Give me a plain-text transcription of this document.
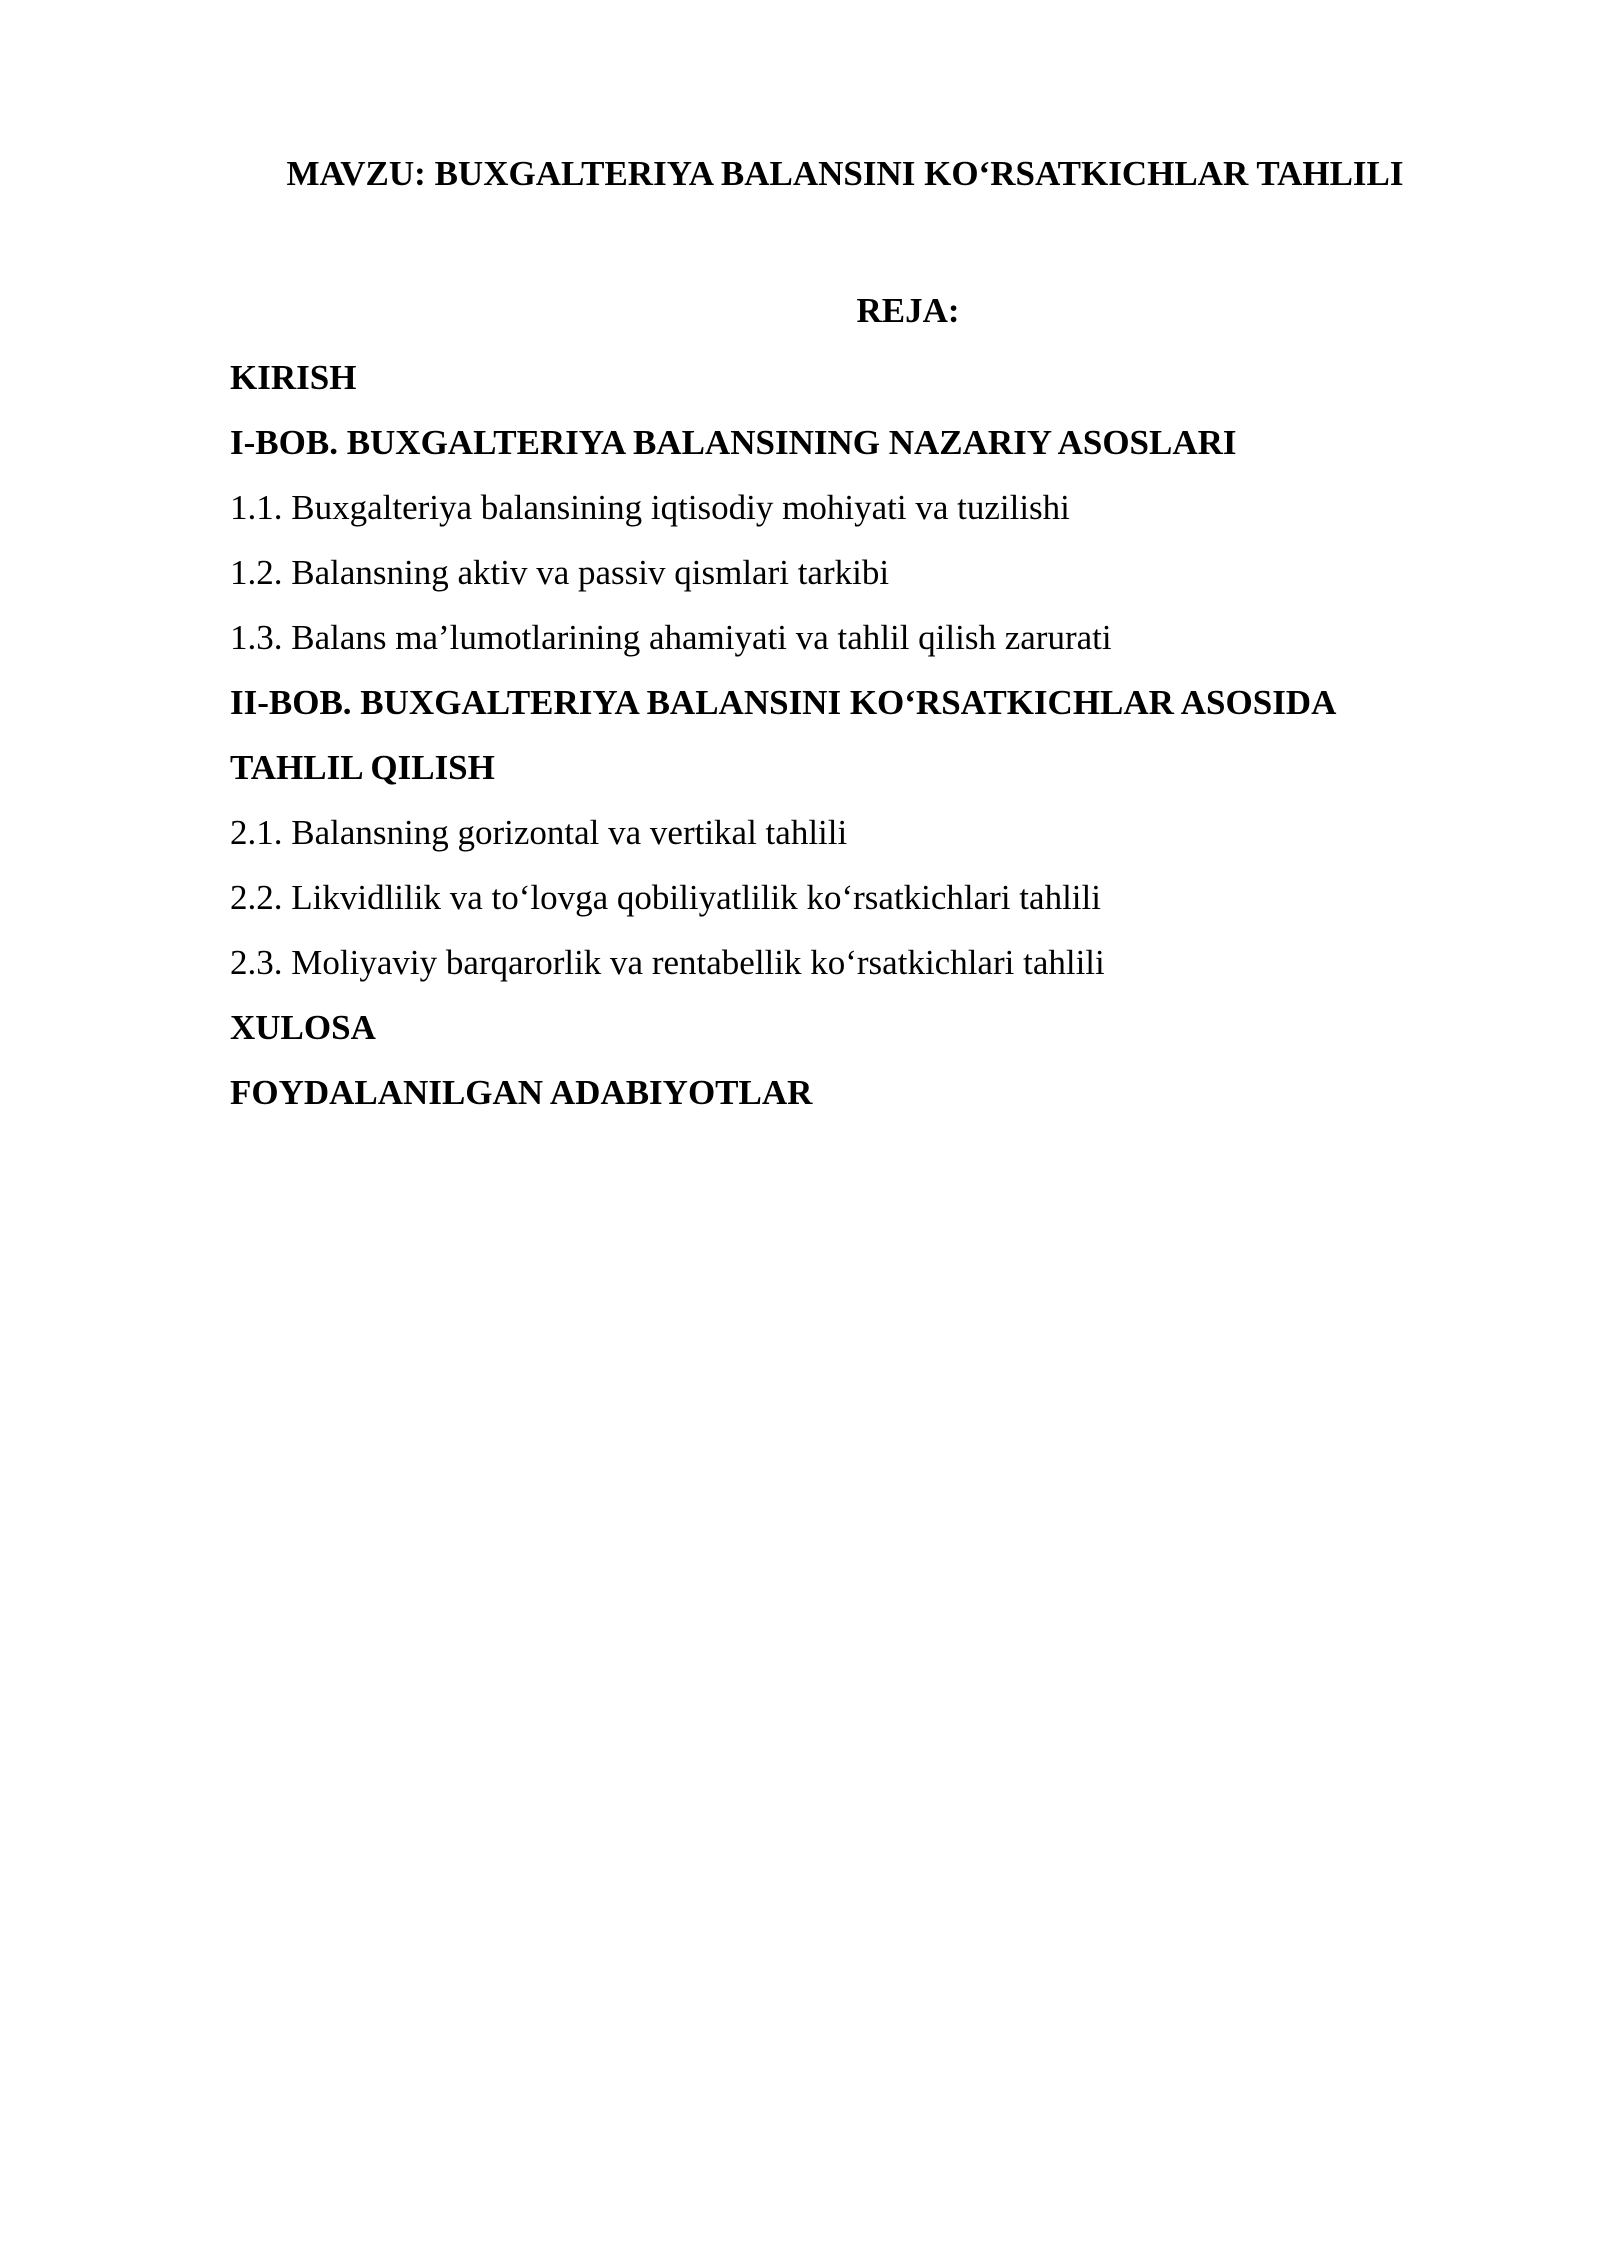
MAVZU: BUXGALTERIYA BALANSINI KO‘RSATKICHLAR TAHLILI
REJA:
KIRISH
I-BOB. BUXGALTERIYA BALANSINING NAZARIY ASOSLARI
1.1. Buxgalteriya balansining iqtisodiy mohiyati va tuzilishi
1.2. Balansning aktiv va passiv qismlari tarkibi
1.3. Balans ma’lumotlarining ahamiyati va tahlil qilish zarurati
II-BOB. BUXGALTERIYA BALANSINI KO‘RSATKICHLAR ASOSIDA
TAHLIL QILISH
2.1. Balansning gorizontal va vertikal tahlili
2.2. Likvidlilik va to‘lovga qobiliyatlilik ko‘rsatkichlari tahlili
2.3. Moliyaviy barqarorlik va rentabellik ko‘rsatkichlari tahlili
XULOSA
FOYDALANILGAN ADABIYOTLAR
